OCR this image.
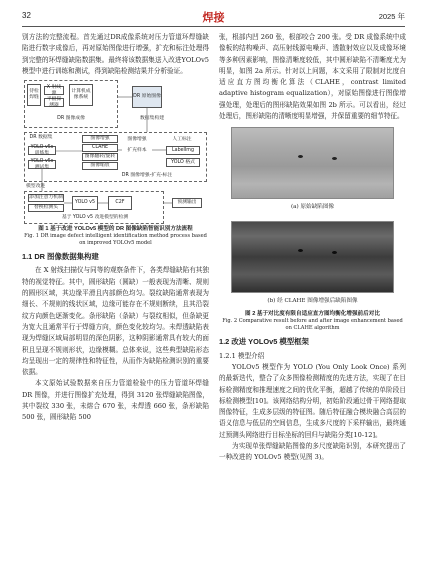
32	焊接	2025 年

别方法的完整流程。首先通过DR成像系统对压力管道环焊缝缺陷进行数字成像后，再对原始图像进行增强，扩充和标注处理得到完整的环焊缝缺陷数据集。最终将该数据集送入改进YOLOv5模型中进行训练和测试，得到缺陷检测结果并分析验证。

待检焊缝
X 射线源
平板探测器
计算机成像系统
DR 图像成像
DR 原始图像
数据集构建
DR 数据集
YOLO v5s 训练集
YOLO v5s 测试集
图像增强
CLAHE
图像翻转/旋转
图像缩放
图像增强
扩充样本
人工标注
LabelImg
YOLO 格式
DR 图像增强-扩充-标注
模型改进
添加注意力机制
替换检测头
YOLO v5	C2F
基于 YOLO v5 改进模型的检测
预测输出

图 1 基于改进 YOLOv5 模型的 DR 图像缺陷智能识别方法流程

Fig. 1 DR image defect intelligent identification method process based on improved YOLOv5 model

1.1 DR 图像数据集构建

在 X 射线扫描仪与同等的观察条件下，各类焊缝缺陷有其独特的视觉特征。其中，圆形缺陷（圆缺）一般表现为清晰、规则的圆形区域，其边缘平滑且内部颜色均匀。裂纹缺陷通常表现为细长、不规则的线状区域，边缘可能存在不规则断续，且其沿裂纹方向颜色逐渐变化。条形缺陷（条缺）与裂纹相似，但条缺更为宽大且通常平行于焊缝方向，颜色变化较均匀。未焊透缺陷表现为焊缝区域局部明显的深色阴影，这种阴影通常具有较大的面积且呈现不规则形状，边缘模糊。总体来说，这些典型缺陷形态均呈现出一定的规律性和特征性，从而作为缺陷检测识别的重要依据。

本文原始试验数据来自压力管道检验中的压力管道环焊缝 DR 图像，并进行图像扩充处理，得到 3120 张焊缝缺陷图像，其中裂纹 330 张，未熔合 670 张，未焊透 660 张，条形缺陷 500 张，圆形缺陷 500

张，根部内凹 260 张，根部咬合 200 张。受 DR 成像系统中成像板的结构噪声、高压射线源电噪声、透散射效应以及成像环境等多种因素影响，图像清晰度较低，其中圆形缺陷不清晰度尤为明显，如图 2a 所示。针对以上问题，本文采用了限制对比度自适应直方图均衡化算法（CLAHE，contrast limited adaptive histogram equalization），对原始图像进行图像增强处理，处理后的图形缺陷效果如图 2b 所示。可以看出，经过处理后，图形缺陷的清晰度明显增强，并保留重要的细节特征。

(a) 原始缺陷图像
(b) 经 CLAHE 图像增强后缺陷图像

图 2 基于对比度有限自适应直方图均衡化增强前后对比

Fig. 2 Comparative result before and after image enhancement based on CLAHE algorithm

1.2 改进 YOLOv5 模型框架

1.2.1 模型介绍

YOLOv5 模型作为 YOLO (You Only Look Once) 系列的最新迭代，整合了众多图像检测精度的先进方法，实现了在目标检测精度和推理速度之间的优化平衡，超越了传统的单阶段目标检测模型[10]。该网络结构分明，初始阶段通过骨干网络提取图像特征，生成多层级的特征图。随后特征融合模块融合高层的语义信息与低层的空间信息，生成多尺度的下采样输出，最终通过预测头网络进行目标坐标的回归与缺陷分类[10-12]。

为实现单张焊缝缺陷图像的多尺度缺陷识别，本研究提出了一种改进的 YOLOv5 模型(见图 3)。
